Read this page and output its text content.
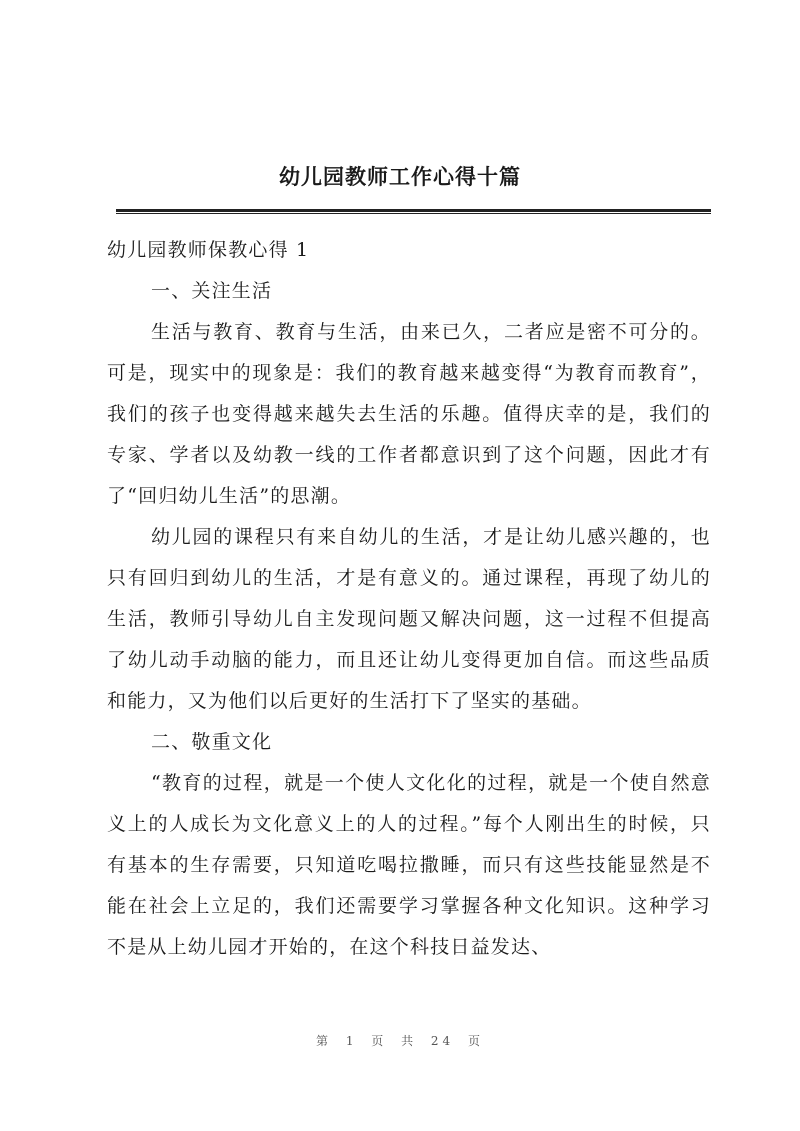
幼儿园教师工作心得十篇

幼儿园教师保教心得 1

一、关注生活

生活与教育、教育与生活，由来已久，二者应是密不可分的。可是，现实中的现象是：我们的教育越来越变得“为教育而教育”，我们的孩子也变得越来越失去生活的乐趣。值得庆幸的是，我们的专家、学者以及幼教一线的工作者都意识到了这个问题，因此才有了“回归幼儿生活”的思潮。

幼儿园的课程只有来自幼儿的生活，才是让幼儿感兴趣的，也只有回归到幼儿的生活，才是有意义的。通过课程，再现了幼儿的生活，教师引导幼儿自主发现问题又解决问题，这一过程不但提高了幼儿动手动脑的能力，而且还让幼儿变得更加自信。而这些品质和能力，又为他们以后更好的生活打下了坚实的基础。

二、敬重文化

“教育的过程，就是一个使人文化化的过程，就是一个使自然意义上的人成长为文化意义上的人的过程。”每个人刚出生的时候，只有基本的生存需要，只知道吃喝拉撒睡，而只有这些技能显然是不能在社会上立足的，我们还需要学习掌握各种文化知识。这种学习不是从上幼儿园才开始的，在这个科技日益发达、

第 1 页 共 24 页
